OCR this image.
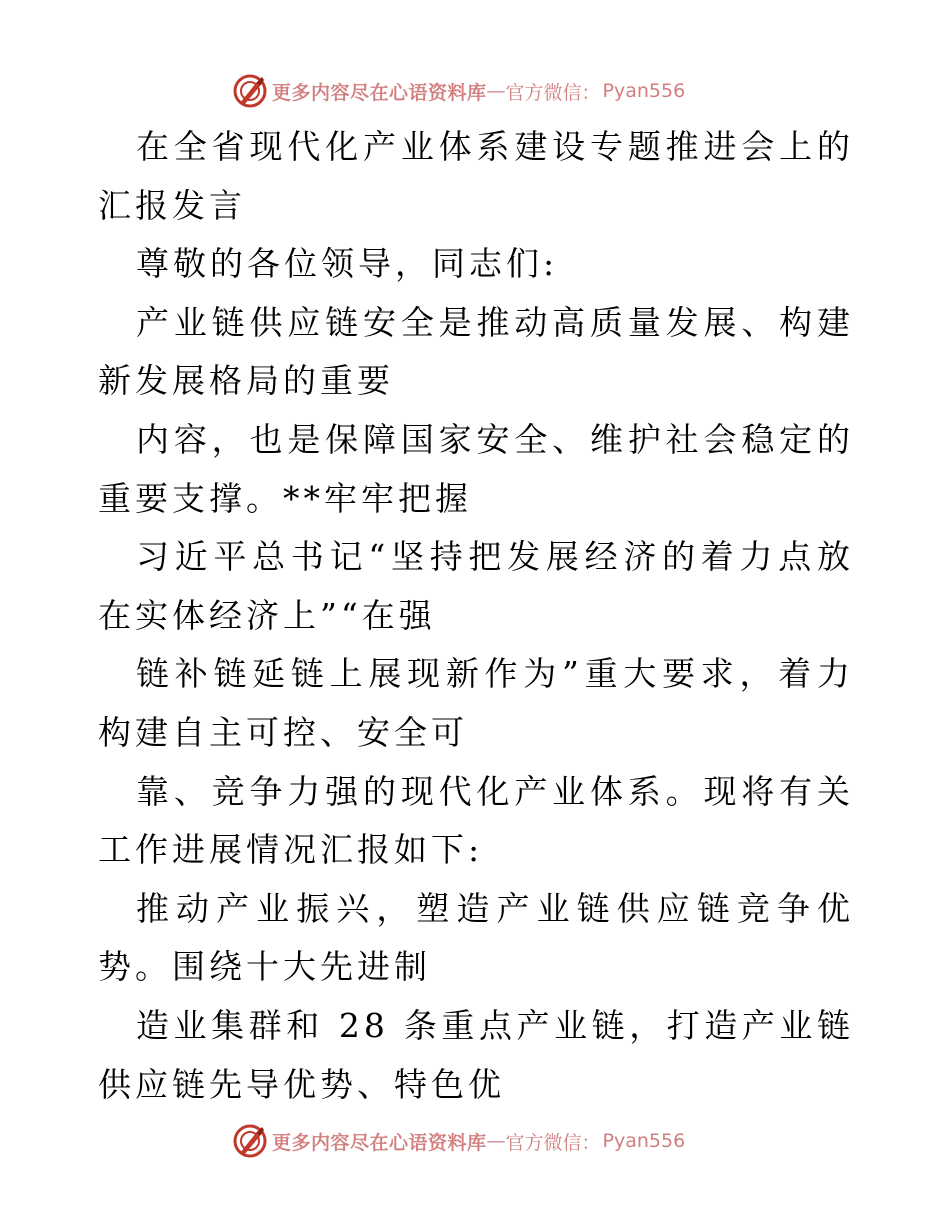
更多内容尽在心语资料库 — 官方微信： Pyan556

在全省现代化产业体系建设专题推进会上的汇报发言

尊敬的各位领导，同志们:

产业链供应链安全是推动高质量发展、构建新发展格局的重要

内容，也是保障国家安全、维护社会稳定的重要支撑。**牢牢把握

习近平总书记“坚持把发展经济的着力点放在实体经济上”“在强

链补链延链上展现新作为”重大要求，着力构建自主可控、安全可

靠、竞争力强的现代化产业体系。现将有关工作进展情况汇报如下:

推动产业振兴，塑造产业链供应链竞争优势。围绕十大先进制

造业集群和 28 条重点产业链，打造产业链供应链先导优势、特色优

更多内容尽在心语资料库 — 官方微信： Pyan556
